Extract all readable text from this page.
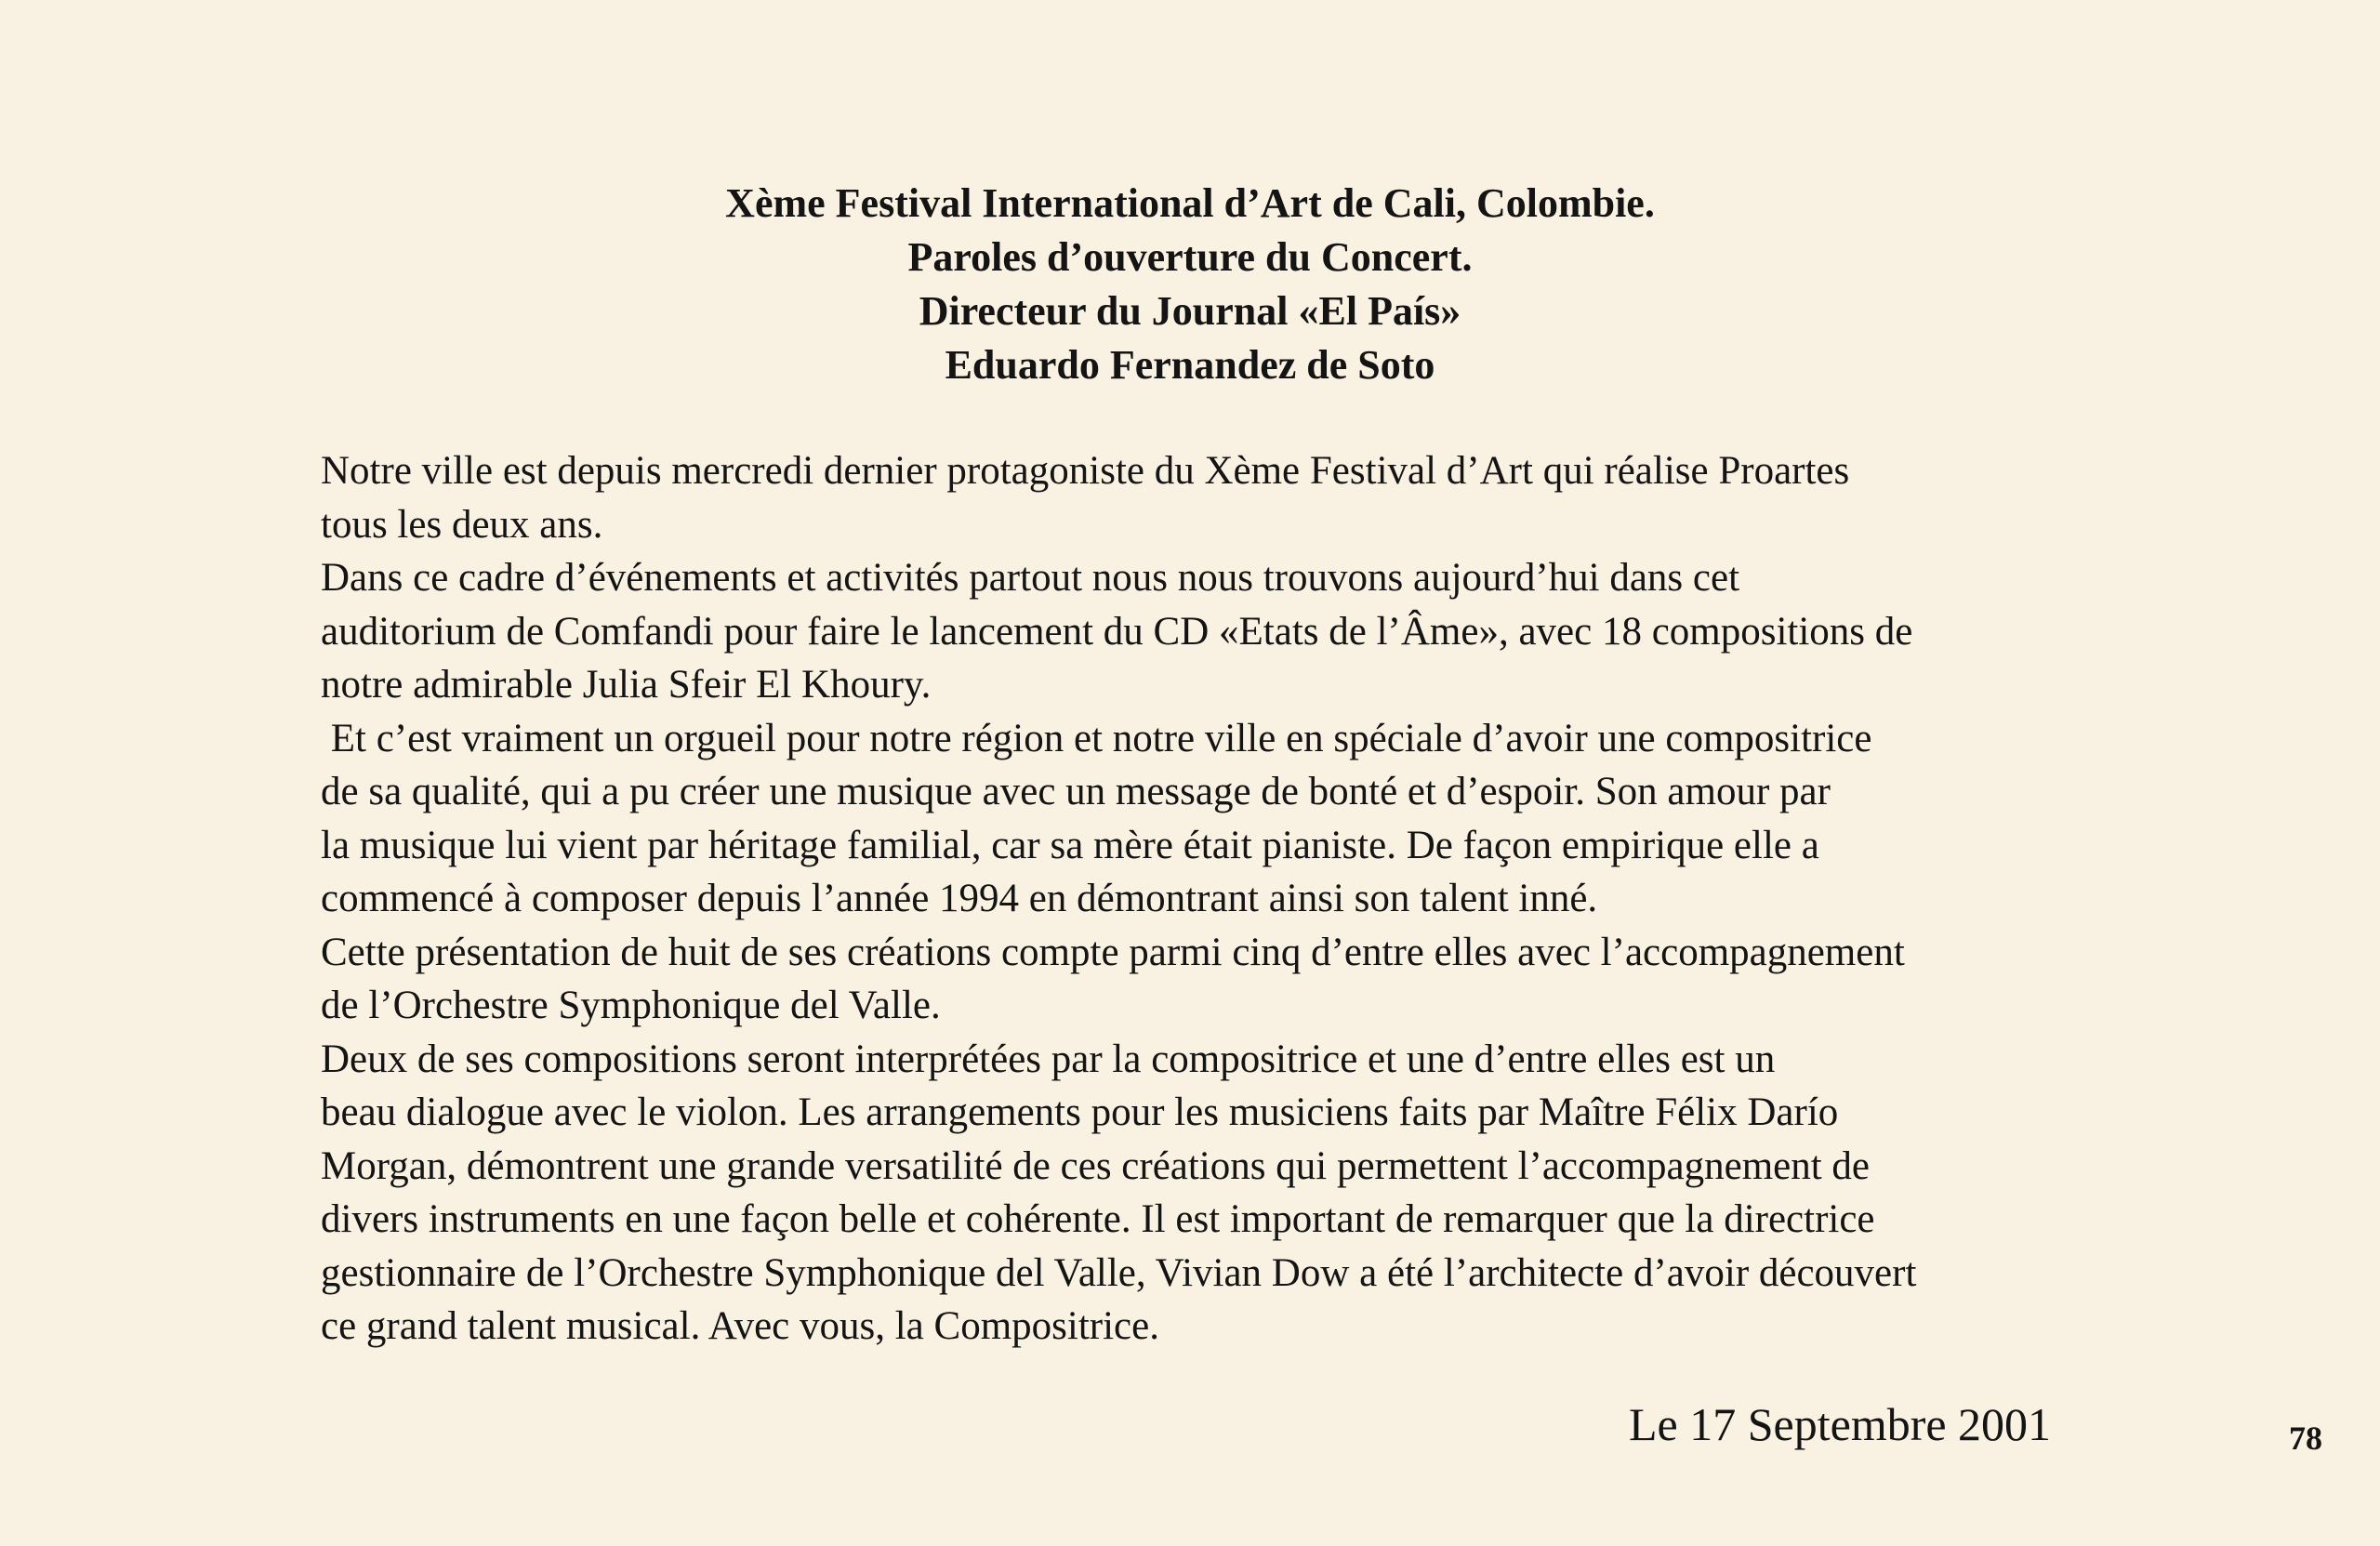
Xème Festival International d’Art de Cali, Colombie.
Paroles d’ouverture du Concert.
Directeur du Journal «El País»
Eduardo Fernandez de Soto
Notre ville est depuis mercredi dernier protagoniste du Xème Festival d’Art qui réalise Proartes
tous les deux ans.
Dans ce cadre d’événements et activités partout nous nous trouvons aujourd’hui dans cet
auditorium de Comfandi pour faire le lancement du CD «Etats de l’Âme», avec 18 compositions de
notre admirable Julia Sfeir El Khoury.
Et c’est vraiment un orgueil pour notre région et notre ville en spéciale d’avoir une compositrice
de sa qualité, qui a pu créer une musique avec un message de bonté et d’espoir. Son amour par
la musique lui vient par héritage familial, car sa mère était pianiste. De façon empirique elle a
commencé à composer depuis l’année 1994 en démontrant ainsi son talent inné.
Cette présentation de huit de ses créations compte parmi cinq d’entre elles avec l’accompagnement
de l’Orchestre Symphonique del Valle.
Deux de ses compositions seront interprétées par la compositrice et une d’entre elles est un
beau dialogue avec le violon. Les arrangements pour les musiciens faits par Maître Félix Darío
Morgan, démontrent une grande versatilité de ces créations qui permettent l’accompagnement de
divers instruments en une façon belle et cohérente. Il est important de remarquer que la directrice
gestionnaire de l’Orchestre Symphonique del Valle, Vivian Dow a été l’architecte d’avoir découvert
ce grand talent musical. Avec vous, la Compositrice.
Le 17 Septembre 2001	78
